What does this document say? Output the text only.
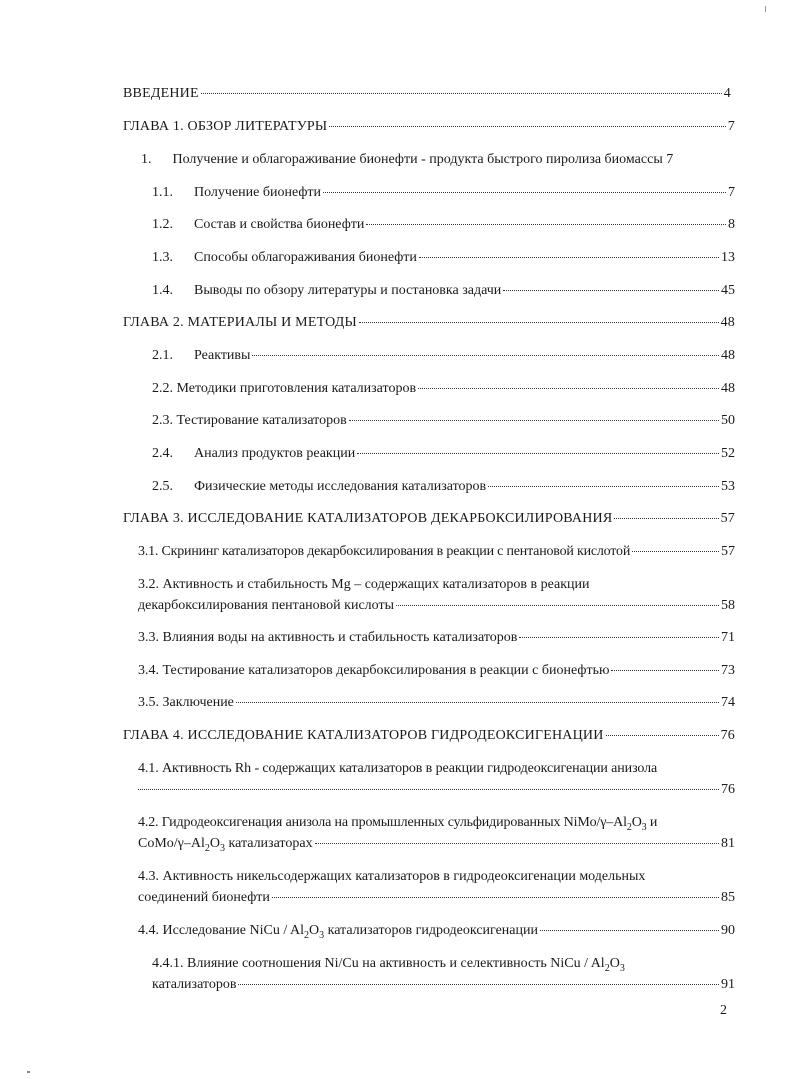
ВВЕДЕНИЕ	4
ГЛАВА 1. ОБЗОР ЛИТЕРАТУРЫ	7
1. Получение и облагораживание бионефти - продукта быстрого пиролиза биомассы 7
1.1.	Получение бионефти	7
1.2.	Состав и свойства бионефти	8
1.3.	Способы облагораживания бионефти	13
1.4.	Выводы по обзору литературы и постановка задачи	45
ГЛАВА 2. МАТЕРИАЛЫ И МЕТОДЫ	48
2.1.	Реактивы	48
2.2. Методики приготовления катализаторов	48
2.3. Тестирование катализаторов	50
2.4.	Анализ продуктов реакции	52
2.5.	Физические методы исследования катализаторов	53
ГЛАВА 3. ИССЛЕДОВАНИЕ КАТАЛИЗАТОРОВ ДЕКАРБОКСИЛИРОВАНИЯ	57
3.1. Скрининг катализаторов декарбоксилирования в реакции с пентановой кислотой	57
3.2. Активность и стабильность Mg – содержащих катализаторов в реакции
декарбоксилирования пентановой кислоты	58
3.3. Влияния воды на активность и стабильность катализаторов	71
3.4. Тестирование катализаторов декарбоксилирования в реакции с бионефтью	73
3.5. Заключение	74
ГЛАВА 4. ИССЛЕДОВАНИЕ КАТАЛИЗАТОРОВ ГИДРОДЕОКСИГЕНАЦИИ	76
4.1. Активность Rh - содержащих катализаторов в реакции гидродеоксигенации анизола
76
4.2. Гидродеоксигенация анизола на промышленных сульфидированных NiMo/$\gamma-Al_2O_3$ и
CoMo/$\gamma-Al_2O_3$ катализаторах	81
4.3. Активность никельсодержащих катализаторов в гидродеоксигенации модельных
соединений бионефти	85
4.4. Исследование NiCu / $Al_2O_3$ катализаторов гидродеоксигенации	90
4.4.1. Влияние соотношения Ni/Cu на активность и селективность NiCu / $Al_2O_3$
катализаторов	91
2
